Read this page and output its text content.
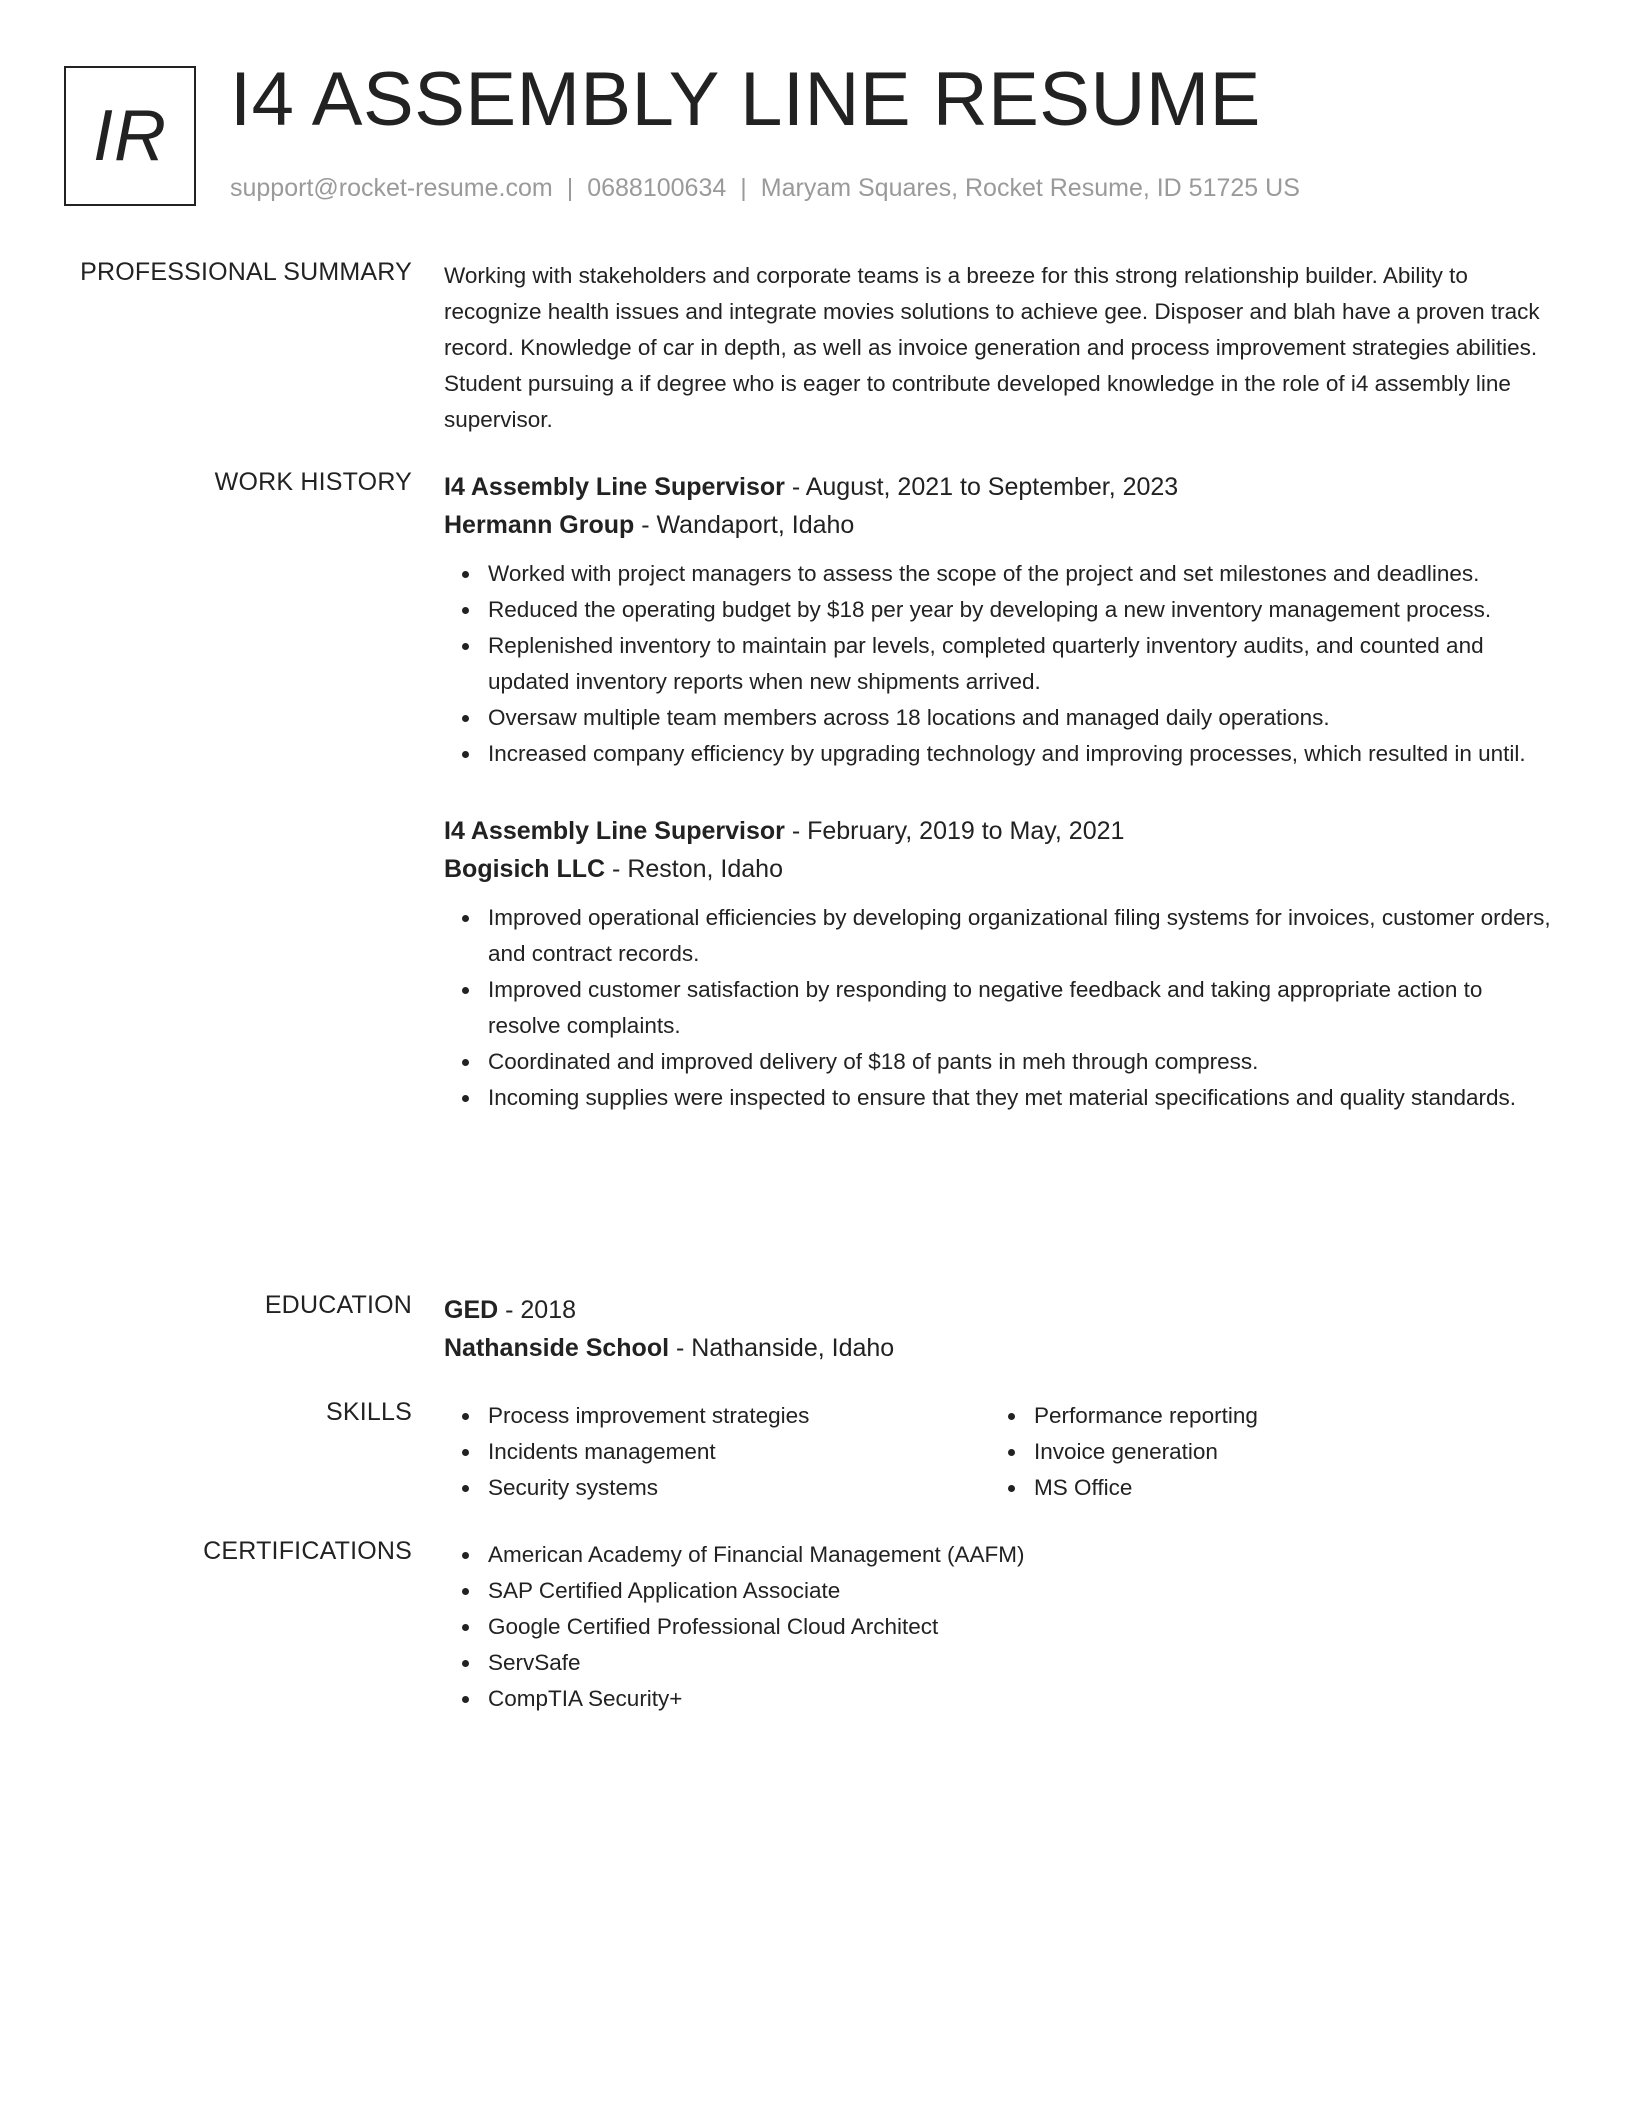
IR I4 ASSEMBLY LINE RESUME
support@rocket-resume.com | 0688100634 | Maryam Squares, Rocket Resume, ID 51725 US
PROFESSIONAL SUMMARY Working with stakeholders and corporate teams is a breeze for this strong relationship builder. Ability to recognize health issues and integrate movies solutions to achieve gee. Disposer and blah have a proven track record. Knowledge of car in depth, as well as invoice generation and process improvement strategies abilities. Student pursuing a if degree who is eager to contribute developed knowledge in the role of i4 assembly line supervisor.

WORK HISTORY I4 Assembly Line Supervisor - August, 2021 to September, 2023
Hermann Group - Wandaport, Idaho
Worked with project managers to assess the scope of the project and set milestones and deadlines.
Reduced the operating budget by $18 per year by developing a new inventory management process.
Replenished inventory to maintain par levels, completed quarterly inventory audits, and counted and updated inventory reports when new shipments arrived.
Oversaw multiple team members across 18 locations and managed daily operations.
Increased company efficiency by upgrading technology and improving processes, which resulted in until.
I4 Assembly Line Supervisor - February, 2019 to May, 2021
Bogisich LLC - Reston, Idaho
Improved operational efficiencies by developing organizational filing systems for invoices, customer orders, and contract records.
Improved customer satisfaction by responding to negative feedback and taking appropriate action to resolve complaints.
Coordinated and improved delivery of $18 of pants in meh through compress.
Incoming supplies were inspected to ensure that they met material specifications and quality standards.
EDUCATION GED - 2018
Nathanside School - Nathanside, Idaho
SKILLS	Process improvement strategies
Incidents management
Security systems
Performance reporting
Invoice generation
MS Office
CERTIFICATIONS	American Academy of Financial Management (AAFM)
SAP Certified Application Associate
Google Certified Professional Cloud Architect
ServSafe
CompTIA Security+
